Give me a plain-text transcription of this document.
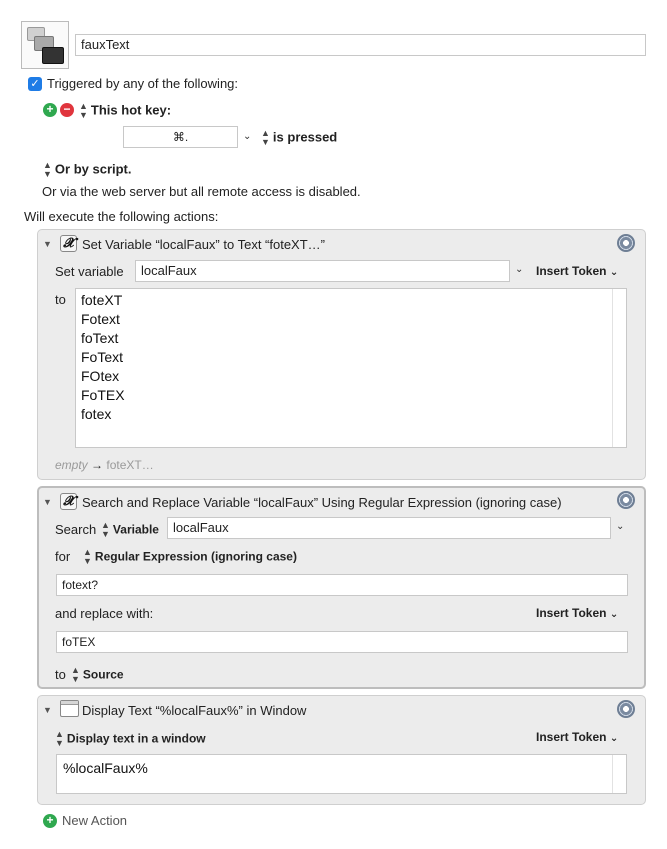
fauxText
✓ Triggered by any of the following:
+ − ▲
▼ This hot key:
⌘.	⌄ ▲
▼ is pressed
▲
▼ Or by script.
Or via the web server but all remote access is disabled.
Will execute the following actions:
▼ 𝓧 Set Variable “localFaux” to Text “foteXT…”
Set variable	localFaux	⌄ Insert Token ⌄
to foteXT
Fotext
foText
FoText
FOtex
FoTEX
fotex
empty → foteXT…
▼ 𝓧 Search and Replace Variable “localFaux” Using Regular Expression (ignoring case)
Search ▲
▼ Variable	localFaux	⌄
for ▲
▼ Regular Expression (ignoring case)
fotext?
and replace with:	Insert Token ⌄
foTEX
to ▲
▼ Source
▼ Display Text “%localFaux%” in Window
▲
▼ Display text in a window	Insert Token ⌄
%localFaux%
+ New Action
